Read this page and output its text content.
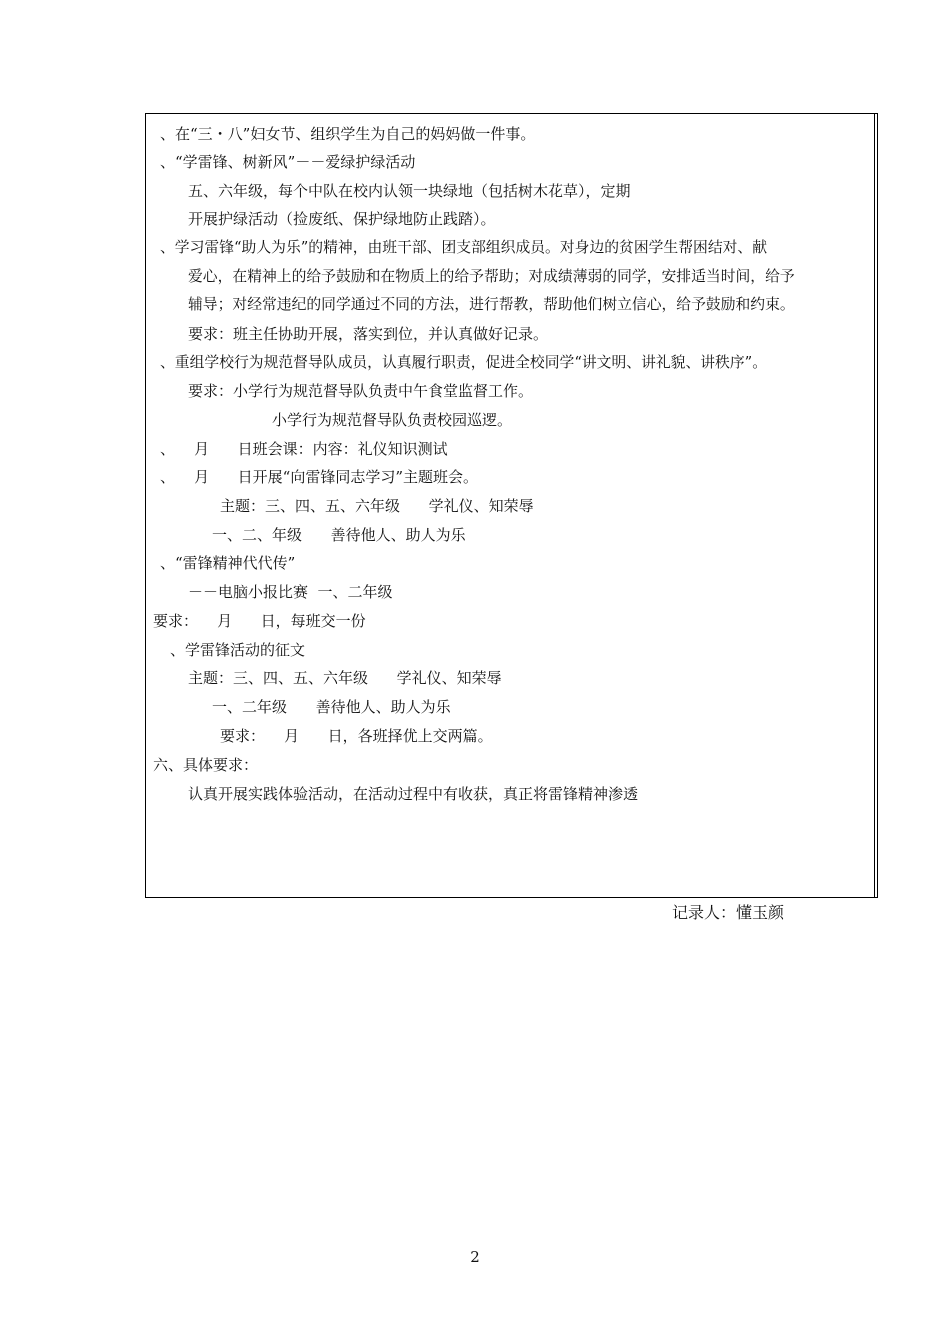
、在“三・八”妇女节、组织学生为自己的妈妈做一件事。
、“学雷锋、树新风”－－爱绿护绿活动
五、六年级，每个中队在校内认领一块绿地（包括树木花草），定期
开展护绿活动（捡废纸、保护绿地防止践踏）。
、学习雷锋“助人为乐”的精神，由班干部、团支部组织成员。对身边的贫困学生帮困结对、献
爱心，在精神上的给予鼓励和在物质上的给予帮助；对成绩薄弱的同学，安排适当时间，给予
辅导；对经常违纪的同学通过不同的方法，进行帮教，帮助他们树立信心，给予鼓励和约束。
要求：班主任协助开展，落实到位，并认真做好记录。
、重组学校行为规范督导队成员，认真履行职责，促进全校同学“讲文明、讲礼貌、讲秩序”。
要求：小学行为规范督导队负责中午食堂监督工作。
小学行为规范督导队负责校园巡逻。
、    月      日班会课：内容：礼仪知识测试
、    月      日开展“向雷锋同志学习”主题班会。
主题：三、四、五、六年级      学礼仪、知荣辱
一、二、年级      善待他人、助人为乐
、“雷锋精神代代传”
－－电脑小报比赛  一、二年级
要求：    月      日，每班交一份
、学雷锋活动的征文
主题：三、四、五、六年级      学礼仪、知荣辱
一、二年级      善待他人、助人为乐
要求：    月      日，各班择优上交两篇。
六、具体要求：
认真开展实践体验活动，在活动过程中有收获，真正将雷锋精神渗透
记录人：懂玉颜
2
